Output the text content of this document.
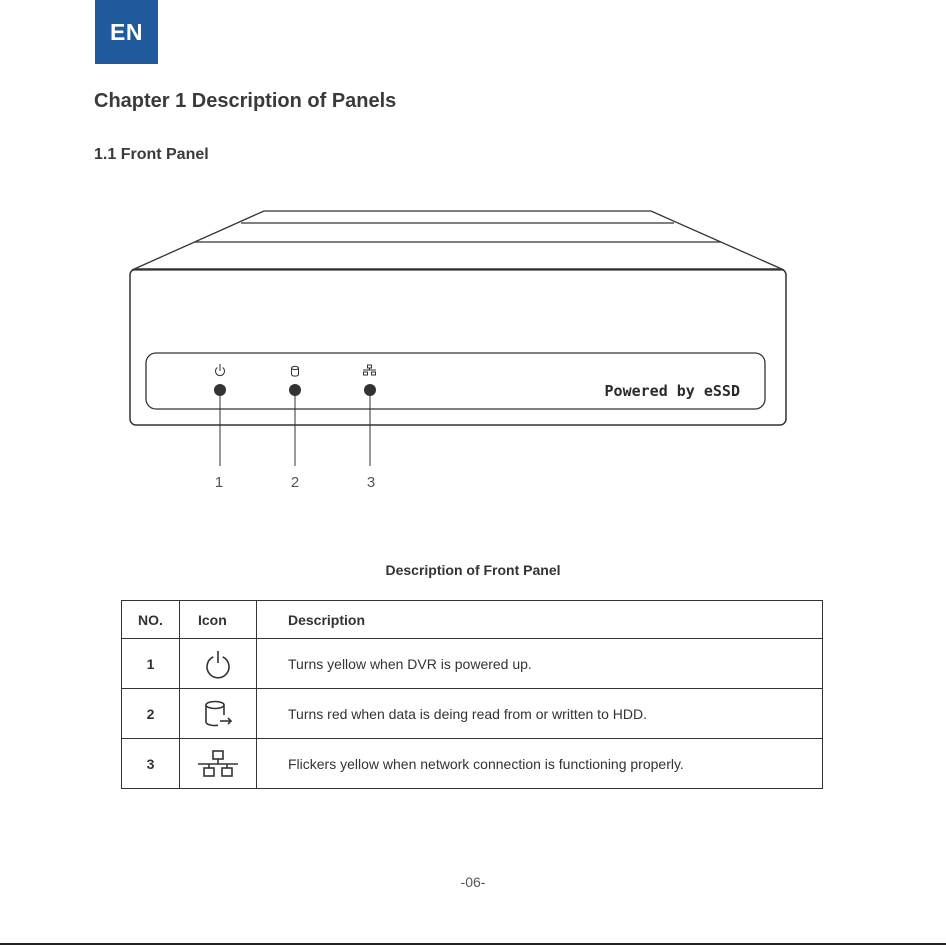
EN
Chapter 1 Description of Panels
1.1 Front Panel
Powered by eSSD
1	2	3
Description of Front Panel
NO.	Icon	Description
1		Turns yellow when DVR is powered up.
2		Turns red when data is deing read from or written to HDD.
3		Flickers yellow when network connection is functioning properly.
-06-
